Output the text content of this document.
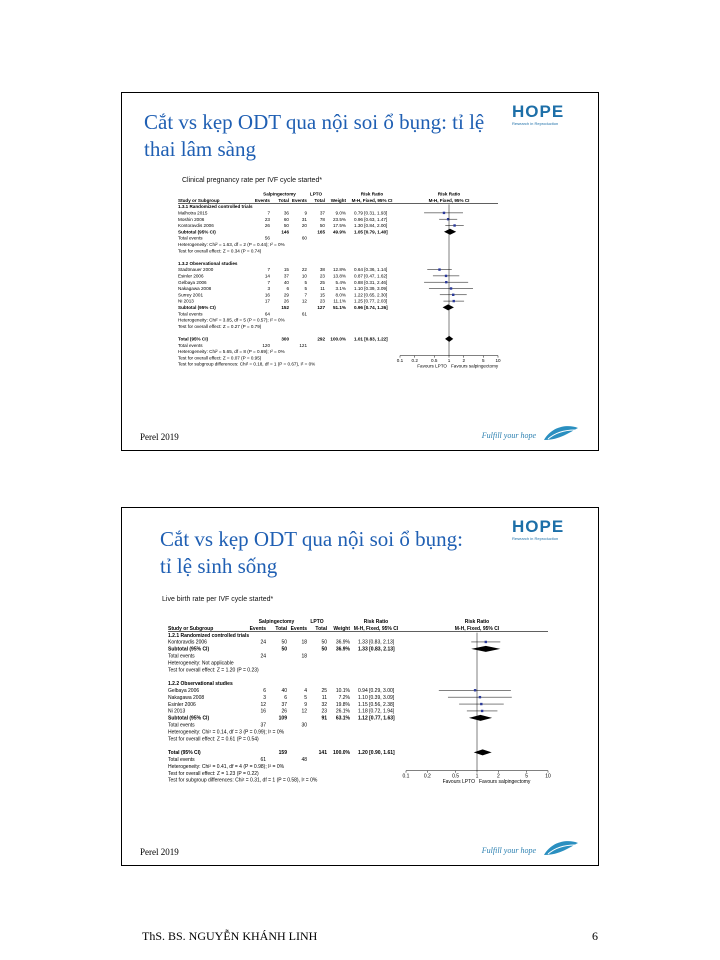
Cắt vs kẹp ODT qua nội soi ổ bụng: tỉ lệ
thai lâm sàng
HOPE
Research in Reproduction
Clinical pregnancy rate per IVF cycle started*
Salpingectomy	LPTO	Risk Ratio	Risk Ratio
Study or Subgroup	Events Total Events Total Weight M-H, Fixed, 95% CI	M-H, Fixed, 95% CI
1.3.1 Randomized controlled trials
Malhotra 2015	7	36	9	37 9.0% 0.79 [0.31, 1.93]
Moshin 2006	23	60	31	78 23.5% 0.96 [0.63, 1.47]
Kontoravdis 2006	26	50	20	50 17.5% 1.30 [0.84, 2.00]
Subtotal (95% CI)	146	165 49.9% 1.05 [0.79, 1.40]
Total events	56	60
Heterogeneity: Chi² = 1.63, df = 2 (P = 0.44); I² = 0%
Test for overall effect: Z = 0.34 (P = 0.74)
1.3.2 Observational studies
Stadtmauer 2000	7	15	22	38 12.8% 0.64 [0.36, 1.14]
Esinler 2006	14	37	10	23 13.8% 0.87 [0.47, 1.62]
Gelbaya 2006	7	40	5	25 5.4% 0.88 [0.31, 2.46]
Nakagawa 2008	3	6	5	11 3.1% 1.10 [0.39, 3.09]
Surrey 2001	16	29	7	15 8.0% 1.22 [0.65, 2.30]
Ni 2013	17	26	12	23 11.1% 1.25 [0.77, 2.03]
Subtotal (95% CI)	152	127 51.1% 0.96 [0.74, 1.26]
Total events	64	61
Heterogeneity: Chi² = 3.85, df = 5 (P = 0.57); I² = 0%
Test for overall effect: Z = 0.27 (P = 0.79)
Total (95% CI)	300	292 100.0% 1.01 [0.83, 1.22]
Total events	120	121
Heterogeneity: Chi² = 5.65, df = 8 (P = 0.69); I² = 0%
Test for overall effect: Z = 0.07 (P = 0.95)
Test for subgroup differences: Chi² = 0.18, df = 1 (P = 0.67), I² = 0%
0.1 0.2	0.5 1	2	5 10
Favours LPTO Favours salpingectomy
Perel 2019	Fulfill your hope
Cắt vs kẹp ODT qua nội soi ổ bụng:
tỉ lệ sinh sống
HOPE
Research in Reproduction
Live birth rate per IVF cycle started*
Salpingectomy	LPTO	Risk Ratio	Risk Ratio
Study or Subgroup	Events Total Events Total Weight M-H, Fixed, 95% CI	M-H, Fixed, 95% CI
1.2.1 Randomized controlled trials
Kontoravdis 2006	24	50	18	50 36.9% 1.33 [0.83, 2.13]
Subtotal (95% CI)	50	50 36.9% 1.33 [0.83, 2.13]
Total events	24	18
Heterogeneity: Not applicable
Test for overall effect: Z = 1.20 (P = 0.23)
1.2.2 Observational studies
Gelbaya 2006	6	40	4	25 10.1% 0.94 [0.29, 3.00]
Nakagawa 2008	3	6	5	11 7.2% 1.10 [0.39, 3.09]
Esinler 2006	12	37	9	32 19.8% 1.15 [0.56, 2.38]
Ni 2013	16	26	12	23 26.1% 1.18 [0.72, 1.94]
Subtotal (95% CI)	109	91 63.1% 1.12 [0.77, 1.63]
Total events	37	30
Heterogeneity: Chi² = 0.14, df = 3 (P = 0.99); I² = 0%
Test for overall effect: Z = 0.61 (P = 0.54)
Total (95% CI)	159	141 100.0% 1.20 [0.90, 1.61]
Total events	61	48
Heterogeneity: Chi² = 0.41, df = 4 (P = 0.98); I² = 0%
Test for overall effect: Z = 1.23 (P = 0.22)
Test for subgroup differences: Chi² = 0.31, df = 1 (P = 0.58), I² = 0%
0.1	0.2	0.5	1	2	5	10
Favours LPTO Favours salpingectomy
Perel 2019	Fulfill your hope
ThS. BS. NGUYỄN KHÁNH LINH	6
